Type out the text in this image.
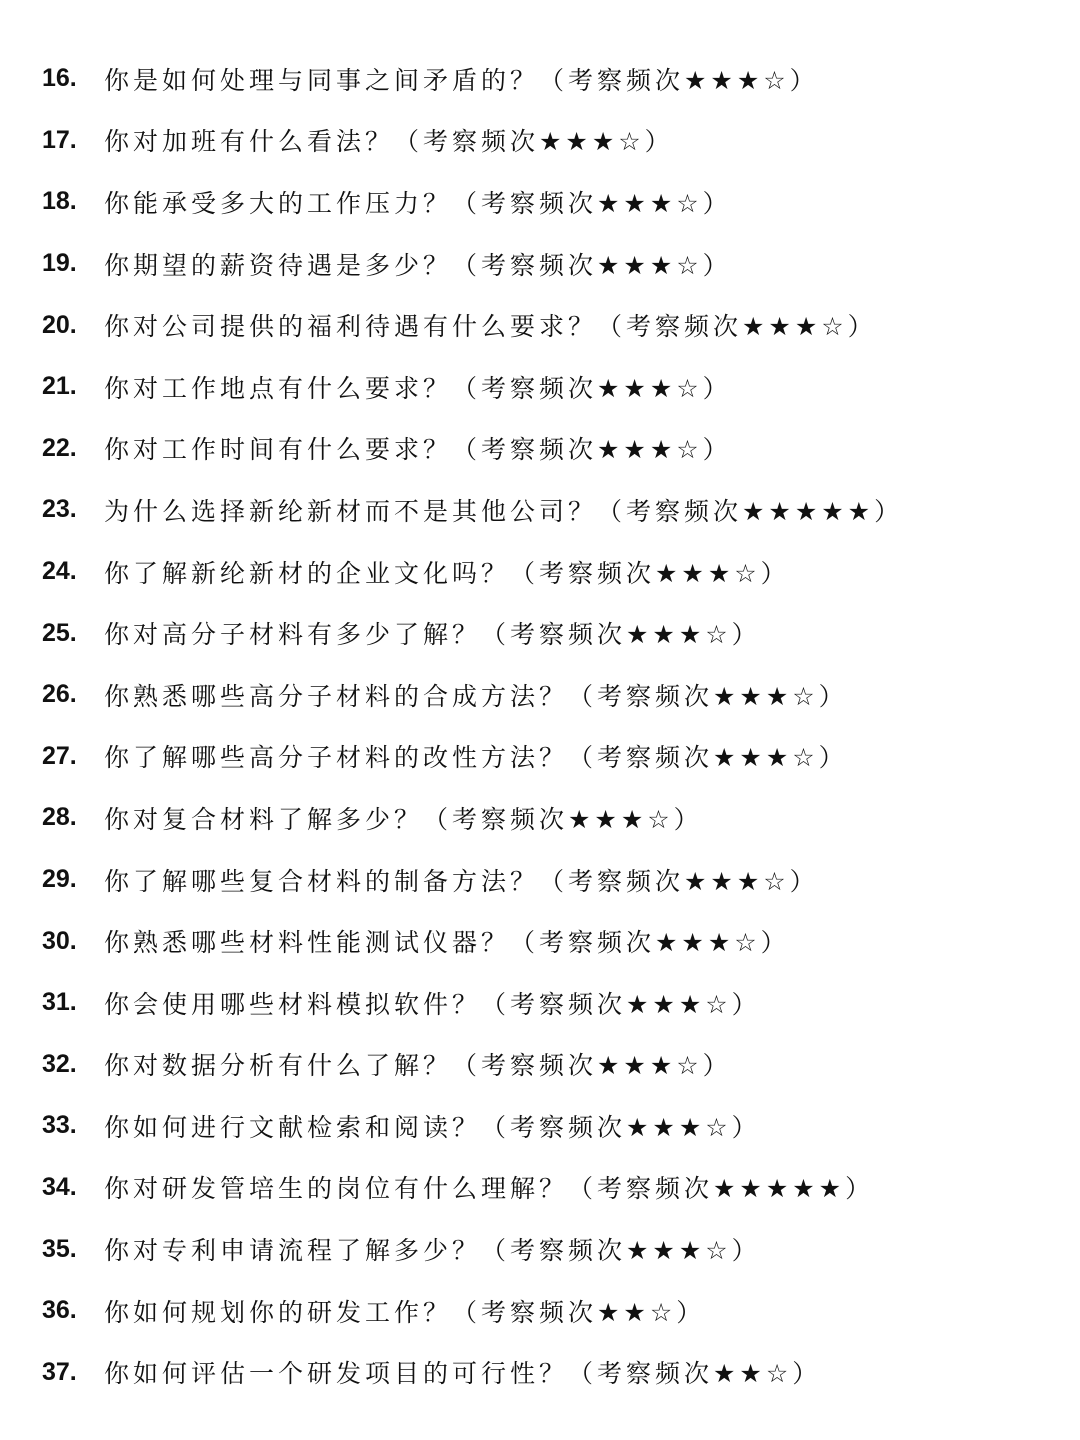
16.	你是如何处理与同事之间矛盾的？（考察频次★★★☆）
17.	你对加班有什么看法？（考察频次★★★☆）
18.	你能承受多大的工作压力？（考察频次★★★☆）
19.	你期望的薪资待遇是多少？（考察频次★★★☆）
20.	你对公司提供的福利待遇有什么要求？（考察频次★★★☆）
21.	你对工作地点有什么要求？（考察频次★★★☆）
22.	你对工作时间有什么要求？（考察频次★★★☆）
23.	为什么选择新纶新材而不是其他公司？（考察频次★★★★★）
24.	你了解新纶新材的企业文化吗？（考察频次★★★☆）
25.	你对高分子材料有多少了解？（考察频次★★★☆）
26.	你熟悉哪些高分子材料的合成方法？（考察频次★★★☆）
27.	你了解哪些高分子材料的改性方法？（考察频次★★★☆）
28.	你对复合材料了解多少？（考察频次★★★☆）
29.	你了解哪些复合材料的制备方法？（考察频次★★★☆）
30.	你熟悉哪些材料性能测试仪器？（考察频次★★★☆）
31.	你会使用哪些材料模拟软件？（考察频次★★★☆）
32.	你对数据分析有什么了解？（考察频次★★★☆）
33.	你如何进行文献检索和阅读？（考察频次★★★☆）
34.	你对研发管培生的岗位有什么理解？（考察频次★★★★★）
35.	你对专利申请流程了解多少？（考察频次★★★☆）
36.	你如何规划你的研发工作？（考察频次★★☆）
37.	你如何评估一个研发项目的可行性？（考察频次★★☆）
